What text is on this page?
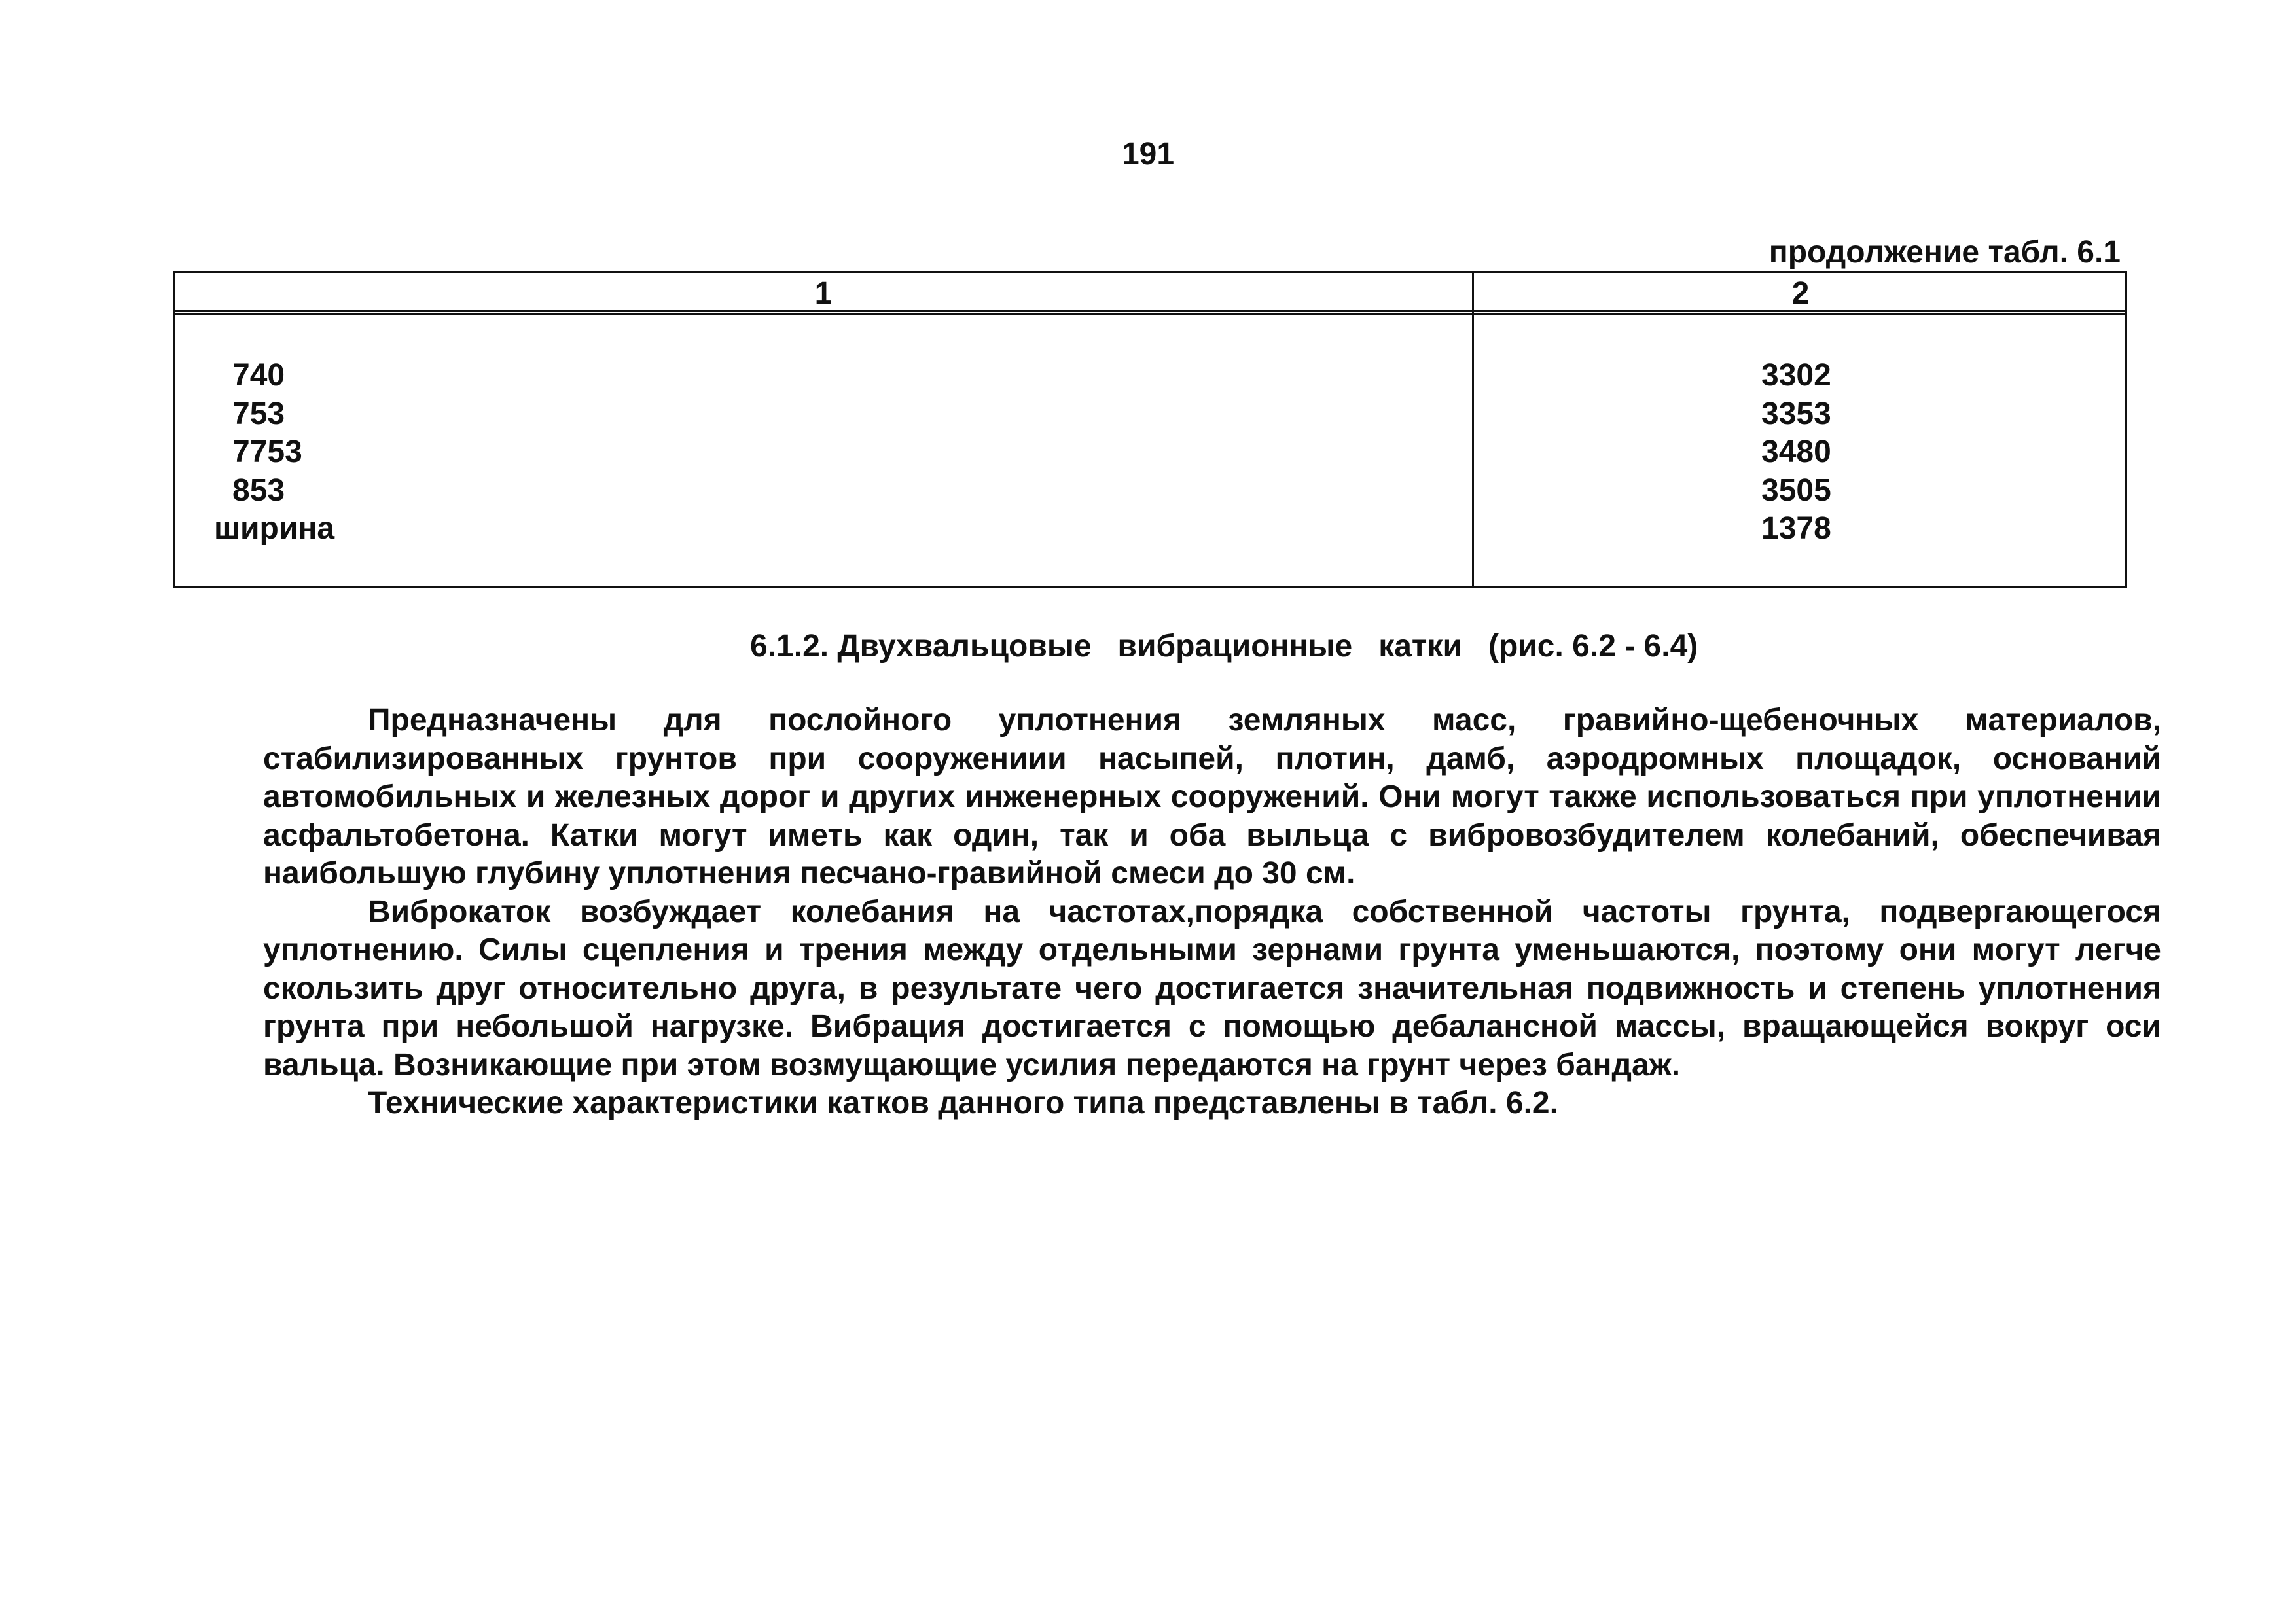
191
продолжение табл. 6.1
1	2
740
753
7753
853
ширина
3302
3353
3480
3505
1378
6.1.2. Двухвальцовые   вибрационные   катки   (рис. 6.2 - 6.4)

Предназначены для послойного уплотнения земляных масс, гравийно-щебеночных материалов, стабилизированных грунтов при сооружениии насыпей, плотин, дамб, аэродромных площадок, оснований автомобильных и железных дорог и других инженерных сооружений. Они могут также использоваться при уплотнении асфальтобетона. Катки могут иметь как один, так и оба выльца с вибровозбудителем колебаний, обеспечивая наибольшую глубину уплотнения песчано-гравийной смеси до 30 см.

Виброкаток возбуждает колебания на частотах,порядка собственной частоты грунта, подвергающегося уплотнению. Силы сцепления и трения между отдельными зернами грунта уменьшаются, поэтому они могут легче скользить друг относительно друга, в результате чего достигается значительная подвижность и степень уплотнения грунта при небольшой нагрузке. Вибрация достигается с помощью дебалансной массы, вращающейся вокруг оси вальца. Возникающие при этом возмущающие усилия передаются на грунт через бандаж.

Технические характеристики катков данного типа представлены в табл. 6.2.
